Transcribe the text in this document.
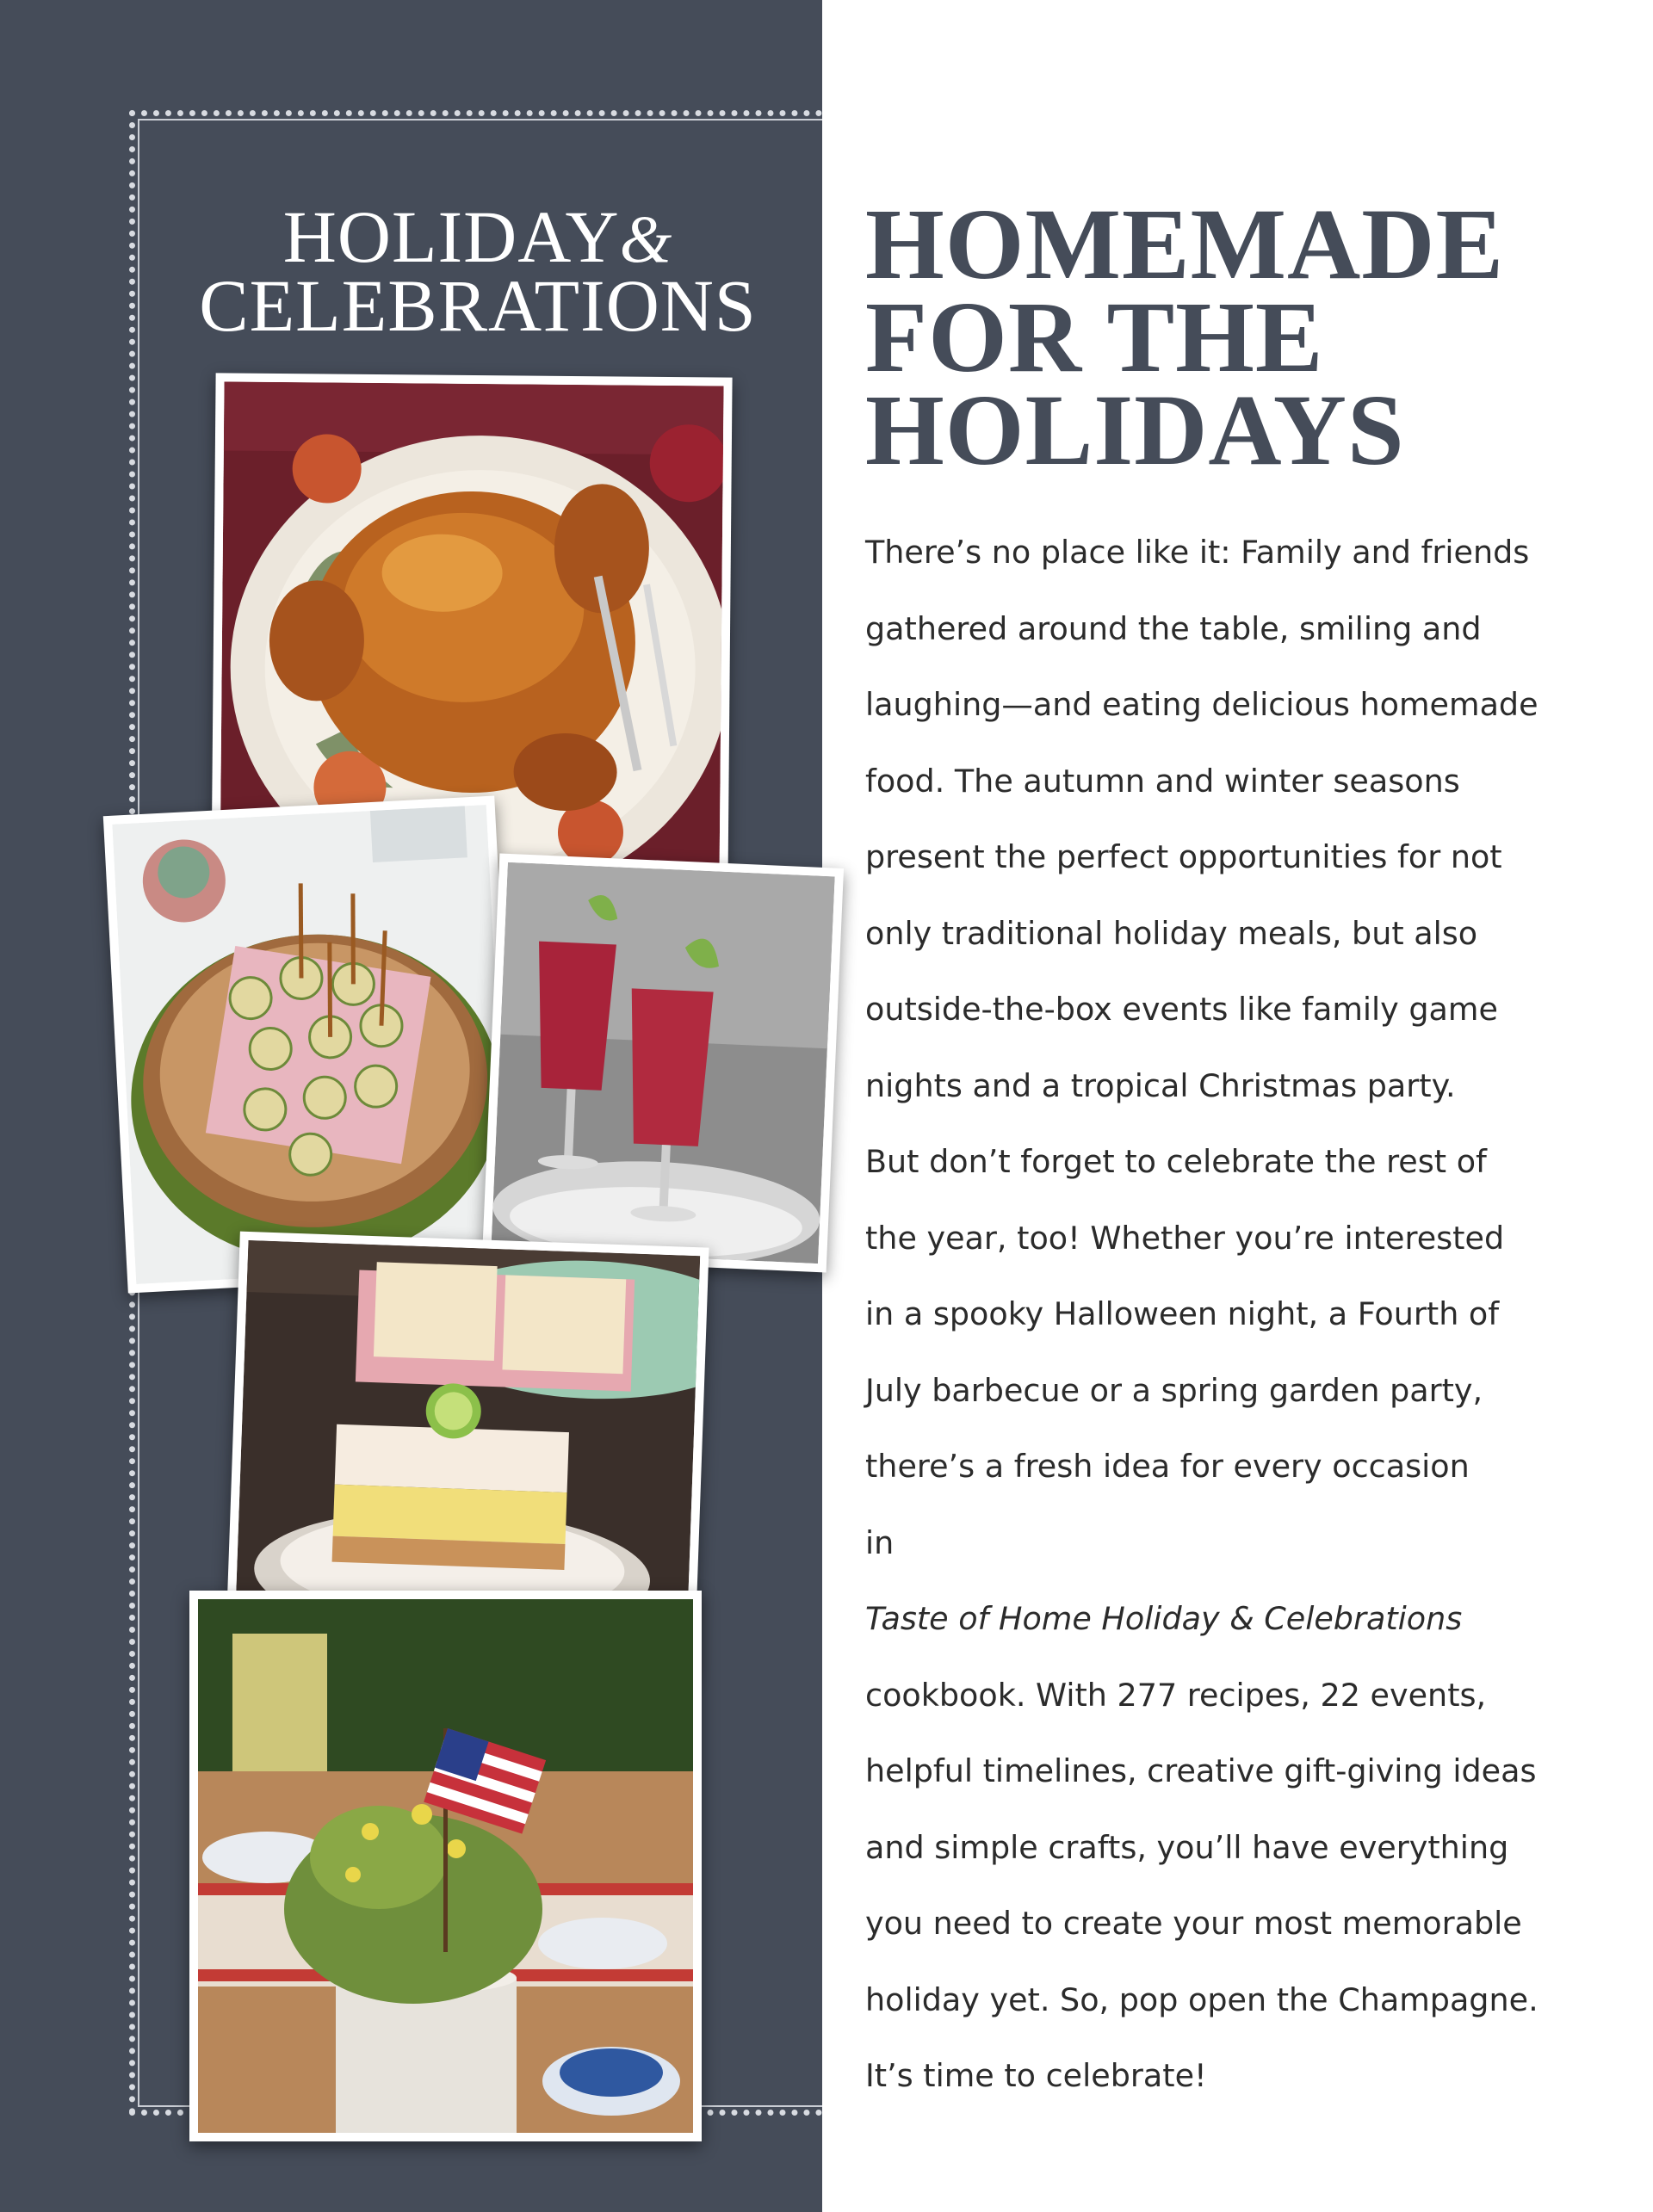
HOLIDAY&
CELEBRATIONS
HOMEMADE
FOR THE
HOLIDAYS
There’s no place like it: Family and friends
gathered around the table, smiling and
laughing—and eating delicious homemade
food. The autumn and winter seasons
present the perfect opportunities for not
only traditional holiday meals, but also
outside-the-box events like family game
nights and a tropical Christmas party.
But don’t forget to celebrate the rest of
the year, too! Whether you’re interested
in a spooky Halloween night, a Fourth of
July barbecue or a spring garden party,
there’s a fresh idea for every occasion
in
Taste of Home Holiday & Celebrations
cookbook. With 277 recipes, 22 events,
helpful timelines, creative gift-giving ideas
and simple crafts, you’ll have everything
you need to create your most memorable
holiday yet. So, pop open the Champagne.
It’s time to celebrate!
